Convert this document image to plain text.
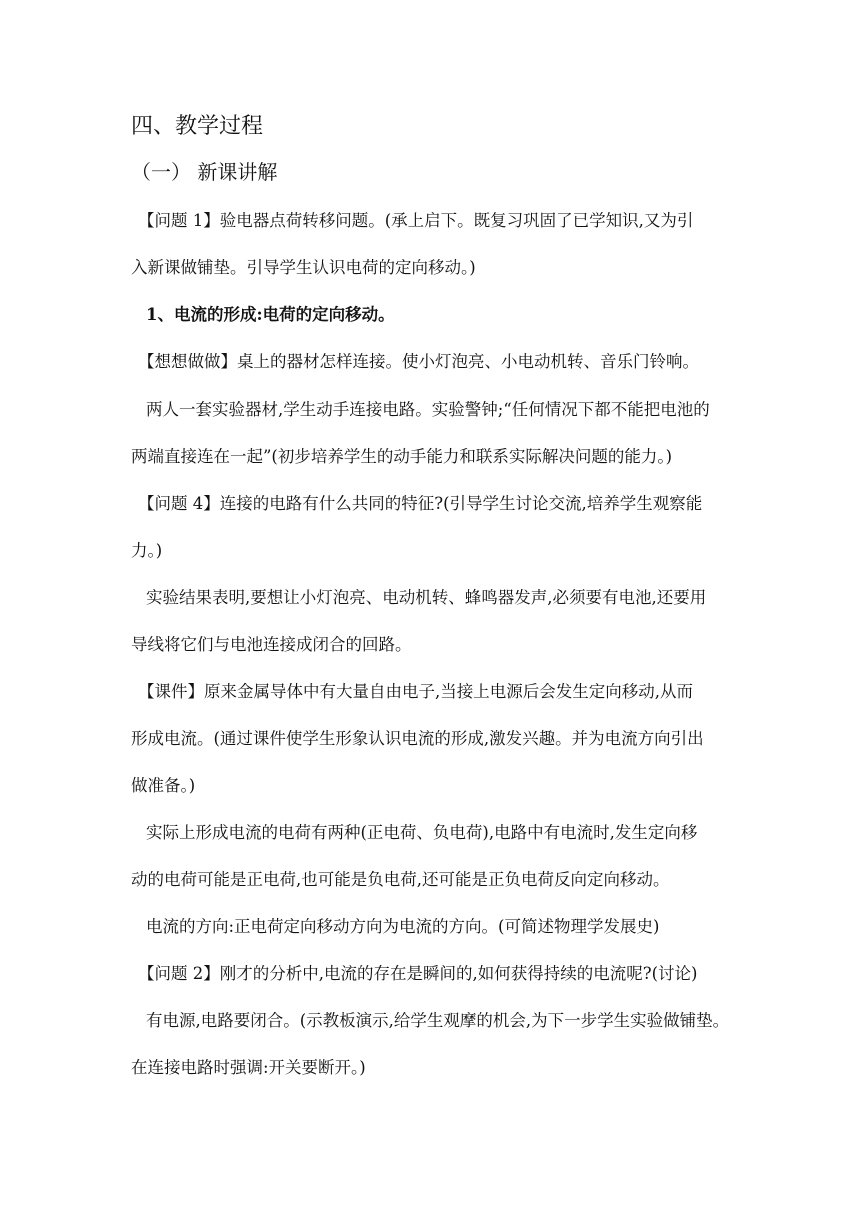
四、教学过程
（一） 新课讲解
【问题 1】验电器点荷转移问题。(承上启下。既复习巩固了已学知识,又为引
入新课做铺垫。引导学生认识电荷的定向移动。)
1、电流的形成:电荷的定向移动。
【想想做做】桌上的器材怎样连接。使小灯泡亮、小电动机转、音乐门铃响。
两人一套实验器材,学生动手连接电路。实验警钟;“任何情况下都不能把电池的
两端直接连在一起”(初步培养学生的动手能力和联系实际解决问题的能力。)
【问题 4】连接的电路有什么共同的特征?(引导学生讨论交流,培养学生观察能
力。)
实验结果表明,要想让小灯泡亮、电动机转、蜂鸣器发声,必须要有电池,还要用
导线将它们与电池连接成闭合的回路。
【课件】原来金属导体中有大量自由电子,当接上电源后会发生定向移动,从而
形成电流。(通过课件使学生形象认识电流的形成,激发兴趣。并为电流方向引出
做准备。)
实际上形成电流的电荷有两种(正电荷、负电荷),电路中有电流时,发生定向移
动的电荷可能是正电荷,也可能是负电荷,还可能是正负电荷反向定向移动。
电流的方向:正电荷定向移动方向为电流的方向。(可简述物理学发展史)
【问题 2】刚才的分析中,电流的存在是瞬间的,如何获得持续的电流呢?(讨论)
有电源,电路要闭合。(示教板演示,给学生观摩的机会,为下一步学生实验做铺垫。
在连接电路时强调:开关要断开。)
